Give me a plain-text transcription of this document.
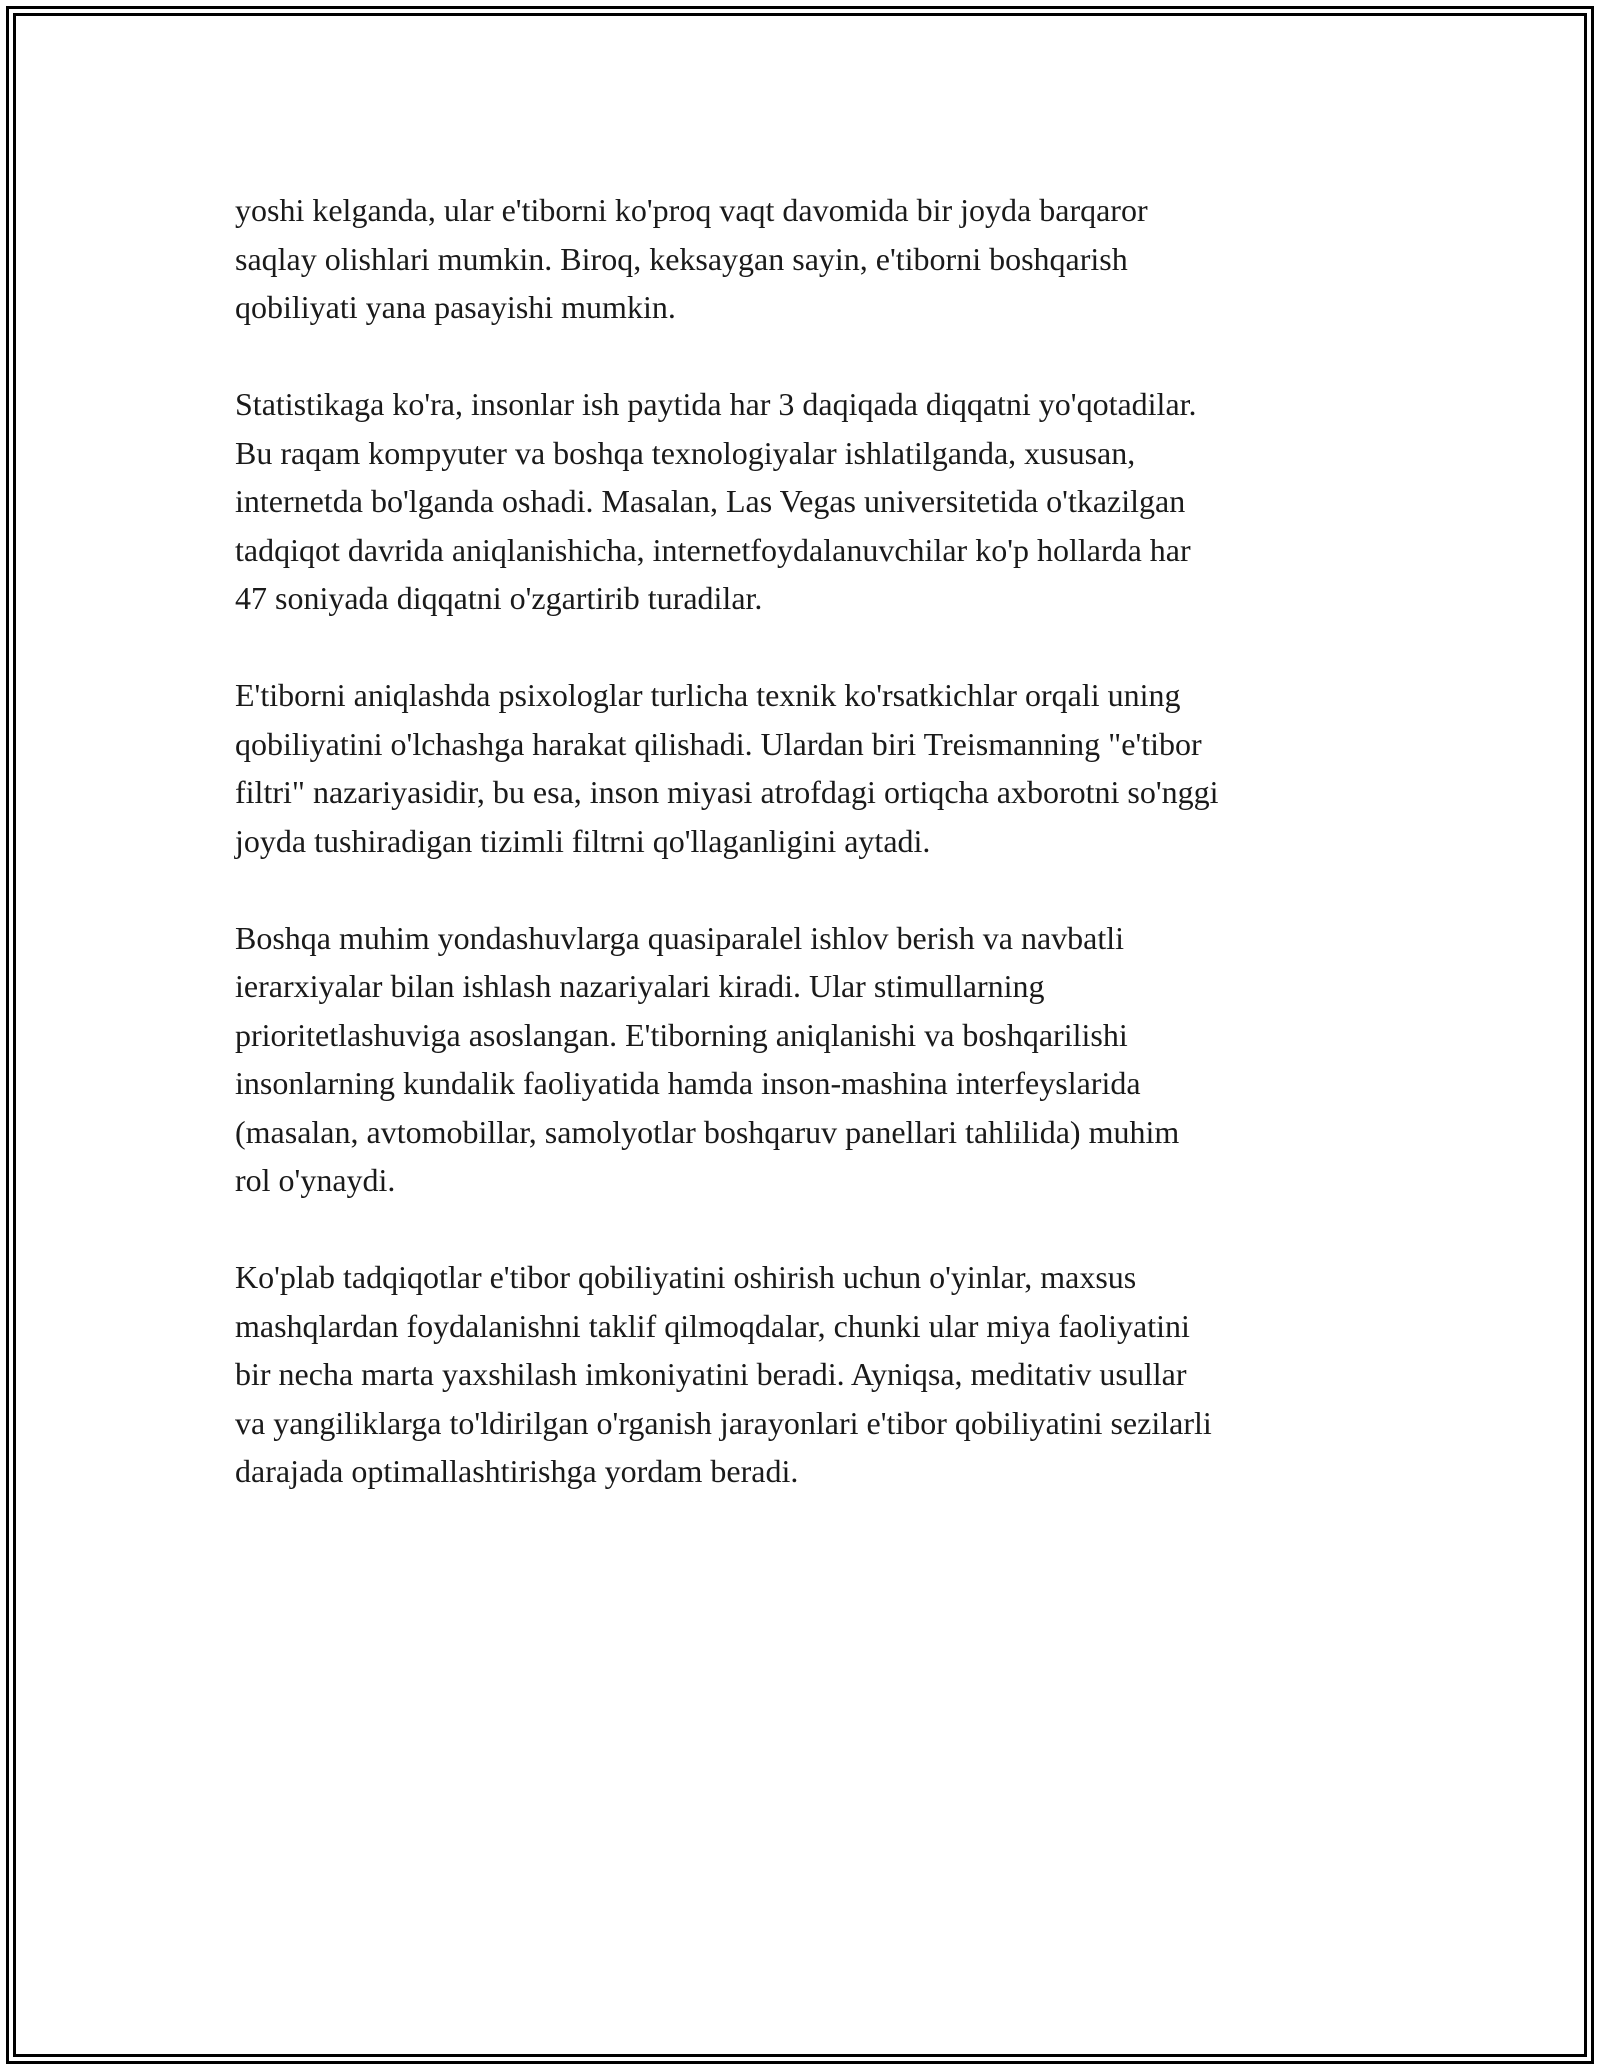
yoshi kelganda, ular e'tiborni ko'proq vaqt davomida bir joyda barqaror
saqlay olishlari mumkin. Biroq, keksaygan sayin, e'tiborni boshqarish
qobiliyati yana pasayishi mumkin.

Statistikaga ko'ra, insonlar ish paytida har 3 daqiqada diqqatni yo'qotadilar.
Bu raqam kompyuter va boshqa texnologiyalar ishlatilganda, xususan,
internetda bo'lganda oshadi. Masalan, Las Vegas universitetida o'tkazilgan
tadqiqot davrida aniqlanishicha, internetfoydalanuvchilar ko'p hollarda har
47 soniyada diqqatni o'zgartirib turadilar.

E'tiborni aniqlashda psixologlar turlicha texnik ko'rsatkichlar orqali uning
qobiliyatini o'lchashga harakat qilishadi. Ulardan biri Treismanning "e'tibor
filtri" nazariyasidir, bu esa, inson miyasi atrofdagi ortiqcha axborotni so'nggi
joyda tushiradigan tizimli filtrni qo'llaganligini aytadi.

Boshqa muhim yondashuvlarga quasiparalel ishlov berish va navbatli
ierarxiyalar bilan ishlash nazariyalari kiradi. Ular stimullarning
prioritetlashuviga asoslangan. E'tiborning aniqlanishi va boshqarilishi
insonlarning kundalik faoliyatida hamda inson-mashina interfeyslarida
(masalan, avtomobillar, samolyotlar boshqaruv panellari tahlilida) muhim
rol o'ynaydi.

Ko'plab tadqiqotlar e'tibor qobiliyatini oshirish uchun o'yinlar, maxsus
mashqlardan foydalanishni taklif qilmoqdalar, chunki ular miya faoliyatini
bir necha marta yaxshilash imkoniyatini beradi. Ayniqsa, meditativ usullar
va yangiliklarga to'ldirilgan o'rganish jarayonlari e'tibor qobiliyatini sezilarli
darajada optimallashtirishga yordam beradi.
